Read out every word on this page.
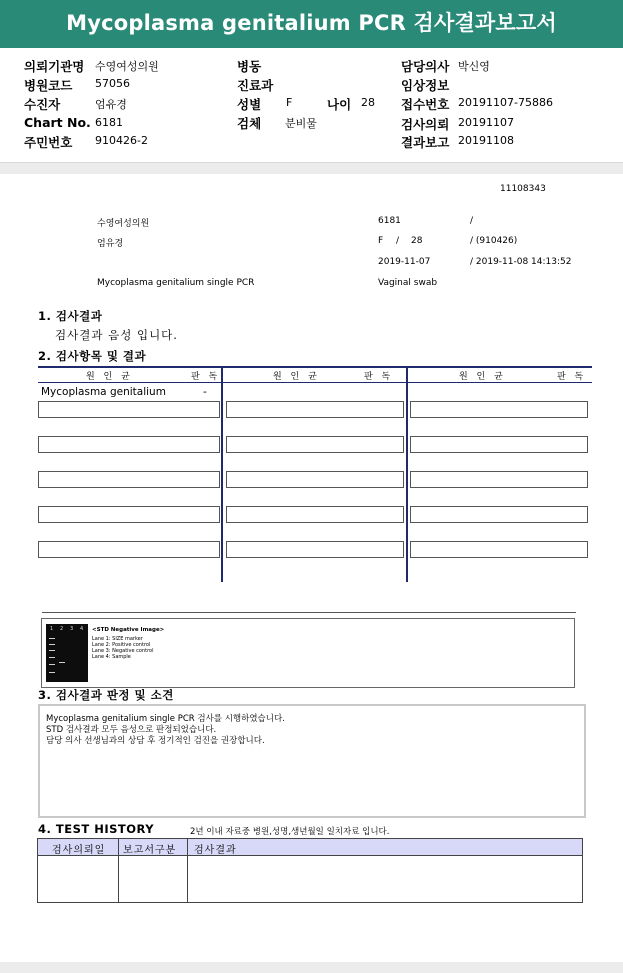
Mycoplasma genitalium PCR 검사결과보고서
의뢰기관명 수영여성의원
병원코드 57056
수진자	엄유경
Chart No. 6181
주민번호 910426-2
병동
진료과
성별 F	나이 28
검체 분비물
담당의사 박신영
임상정보
접수번호 20191107-75886
검사의뢰 20191107
결과보고 20191108
11108343
수영여성의원	6181	/
엄유경	F / 28	/ (910426)
2019-11-07	/ 2019-11-08 14:13:52
Mycoplasma genitalium single PCR	Vaginal swab
1. 검사결과
검사결과 음성 입니다.
2. 검사항목 및 결과
원 인 균	판 독	원 인 균	판 독	원 인 균	판 독
Mycoplasma genitalium	-
1 2 3 4 <STD Negative Image>
Lane 1: SIZE marker
Lane 2: Positive control
Lane 3: Negative control
Lane 4: Sample
3. 검사결과 판정 및 소견
Mycoplasma genitalium single PCR 검사를 시행하였습니다.
STD 검사결과 모두 음성으로 판정되었습니다.
담당 의사 선생님과의 상담 후 정기적인 검진을 권장합니다.
4. TEST HISTORY	2년 이내 자료중 병원,성명,생년월일 일치자료 입니다.
검사의뢰일 보고서구분 검사결과
